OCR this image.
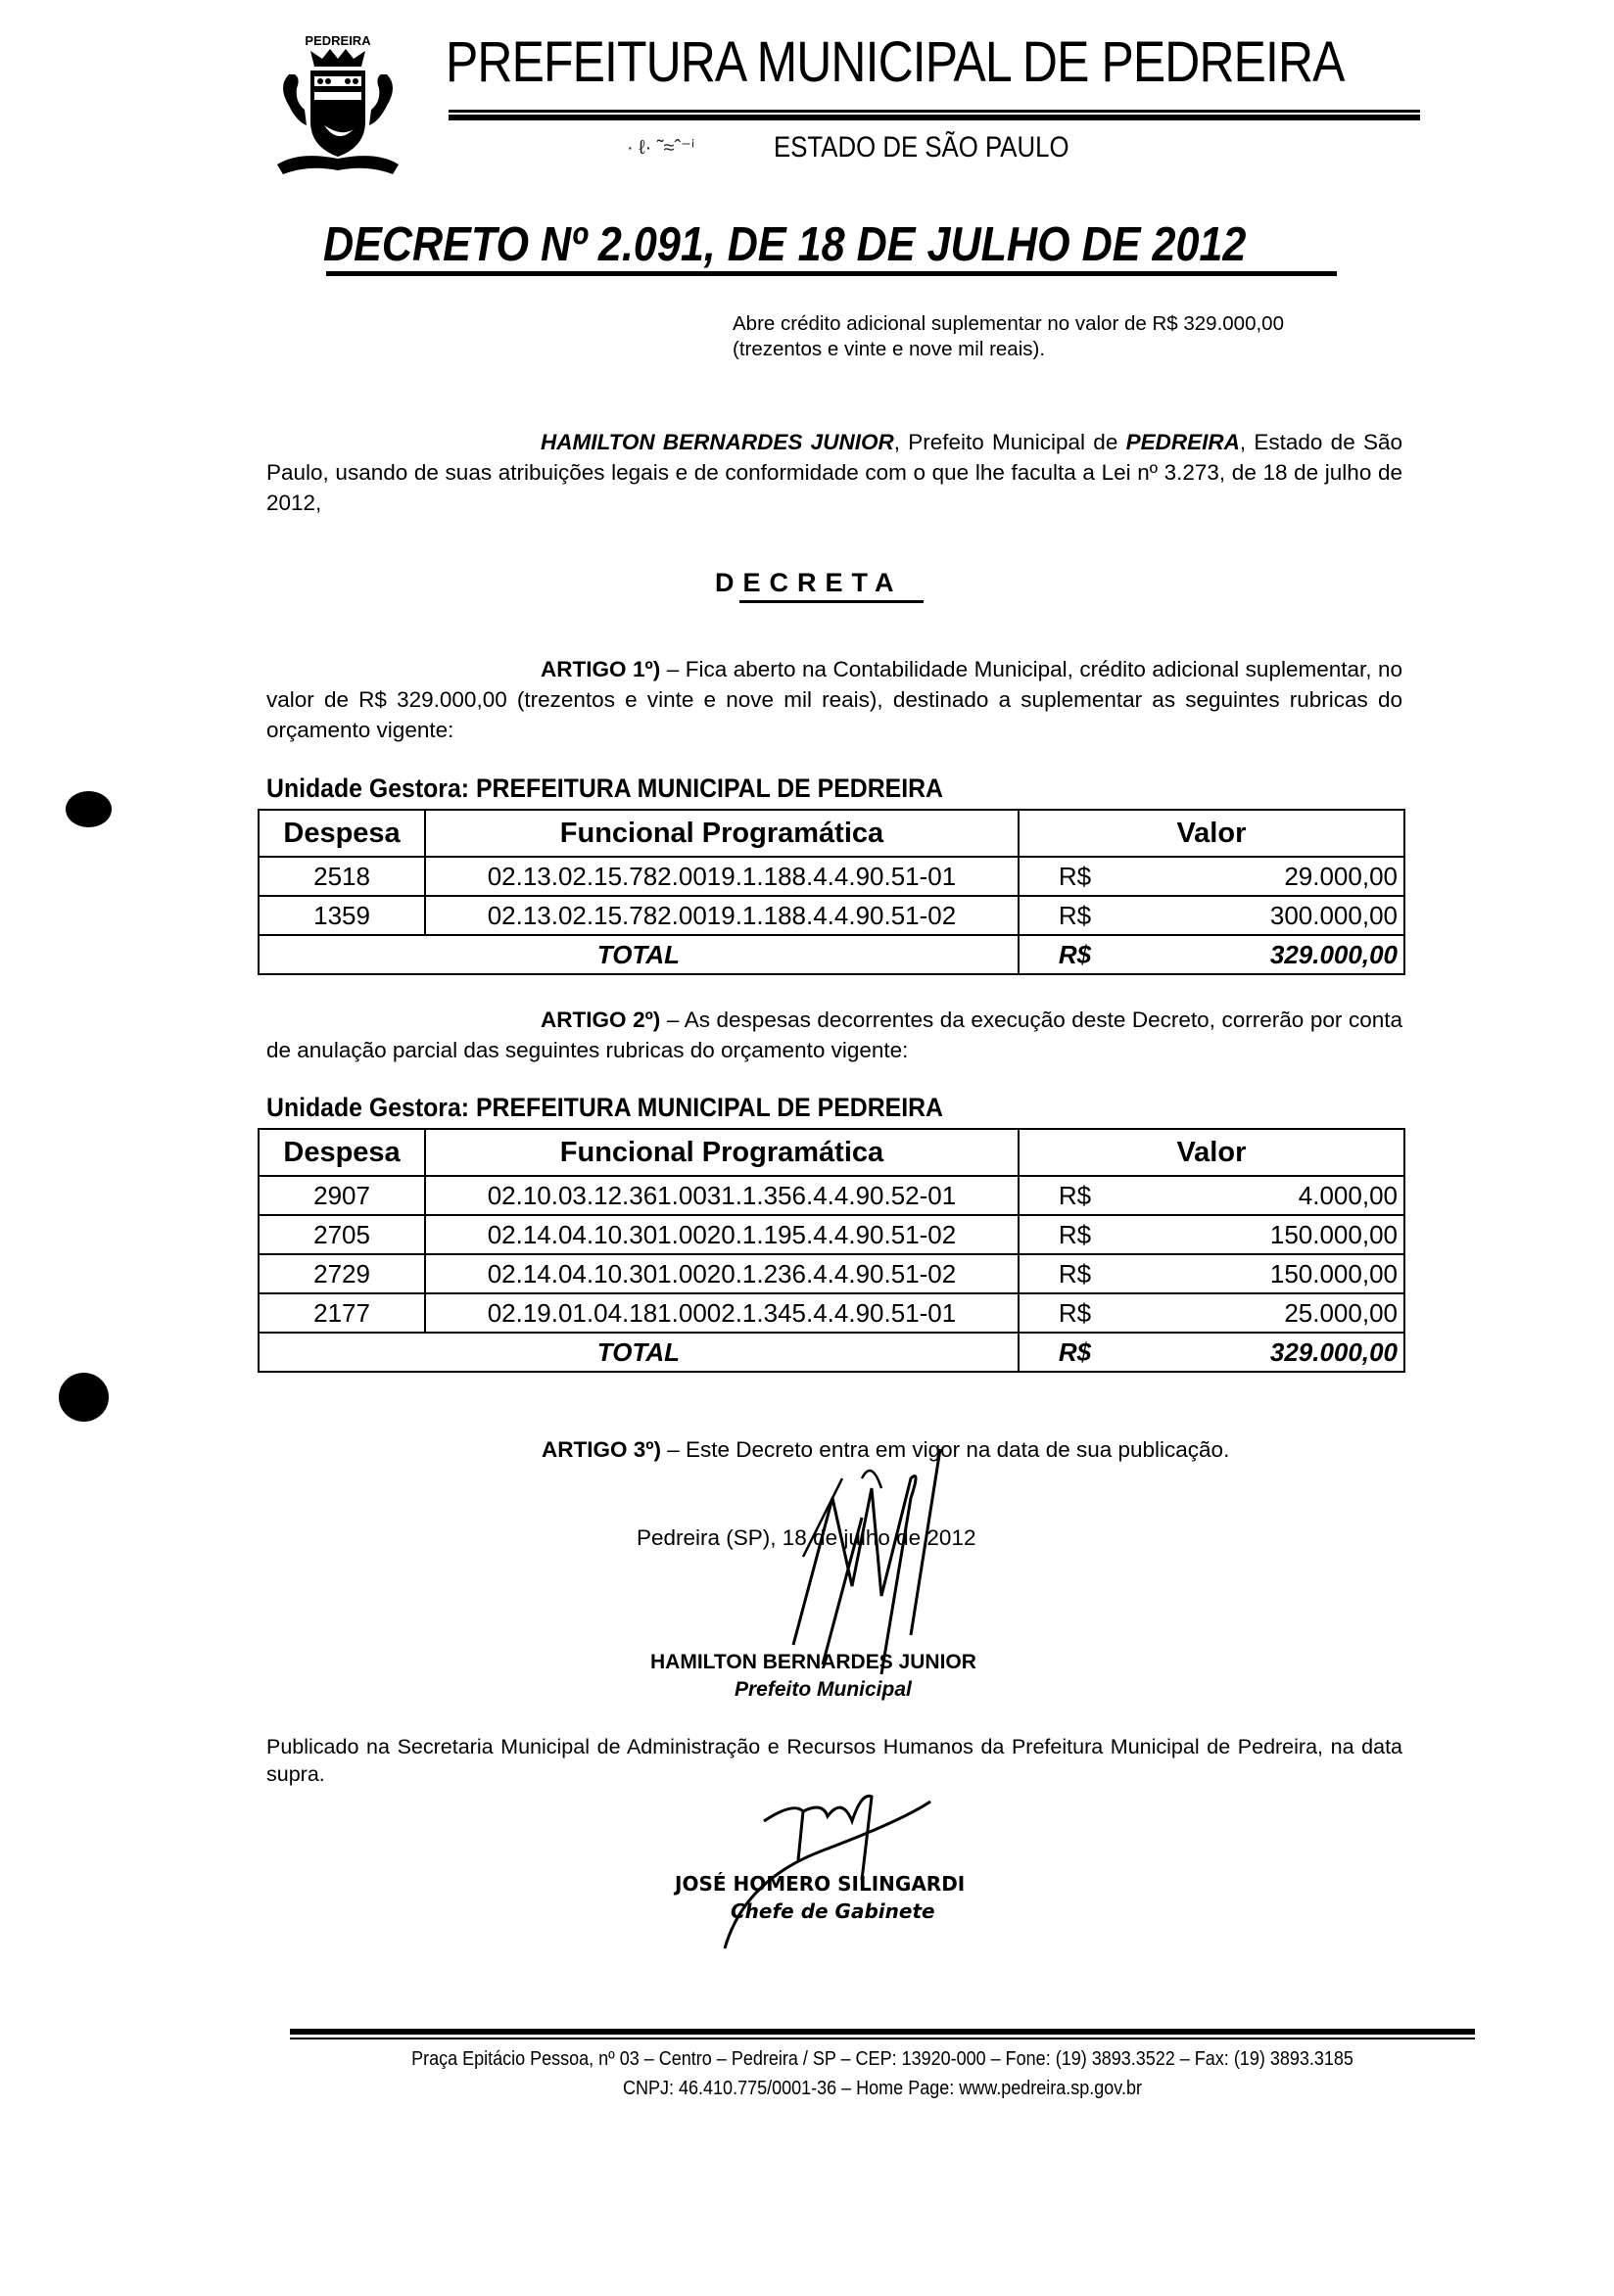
PEDREIRA PREFEITURA MUNICIPAL DE PEDREIRA
· ℓ· ˜≈ˆ⁻ⁱ	ESTADO DE SÃO PAULO
DECRETO Nº 2.091, DE 18 DE JULHO DE 2012
Abre crédito adicional suplementar no valor de R$ 329.000,00
(trezentos e vinte e nove mil reais).
HAMILTON BERNARDES JUNIOR, Prefeito Municipal de PEDREIRA, Estado de São Paulo, usando de suas atribuições legais e de conformidade com o que lhe faculta a Lei nº 3.273, de 18 de julho de 2012,
DECRETA
ARTIGO 1º) – Fica aberto na Contabilidade Municipal, crédito adicional suplementar, no valor de R$ 329.000,00 (trezentos e vinte e nove mil reais), destinado a suplementar as seguintes rubricas do orçamento vigente:
Unidade Gestora: PREFEITURA MUNICIPAL DE PEDREIRA
Despesa	Funcional Programática	Valor	
2518	02.13.02.15.782.0019.1.188.4.4.90.51-01	R$	29.000,00
1359	02.13.02.15.782.0019.1.188.4.4.90.51-02	R$	300.000,00
TOTAL		R$	329.000,00
ARTIGO 2º) – As despesas decorrentes da execução deste Decreto, correrão por conta de anulação parcial das seguintes rubricas do orçamento vigente:
Unidade Gestora: PREFEITURA MUNICIPAL DE PEDREIRA
Despesa	Funcional Programática	Valor	
2907	02.10.03.12.361.0031.1.356.4.4.90.52-01	R$	4.000,00
2705	02.14.04.10.301.0020.1.195.4.4.90.51-02	R$	150.000,00
2729	02.14.04.10.301.0020.1.236.4.4.90.51-02	R$	150.000,00
2177	02.19.01.04.181.0002.1.345.4.4.90.51-01	R$	25.000,00
TOTAL		R$	329.000,00
ARTIGO 3º) – Este Decreto entra em vigor na data de sua publicação.
Pedreira (SP), 18 de julho de 2012
HAMILTON BERNARDES JUNIOR
Prefeito Municipal
Publicado na Secretaria Municipal de Administração e Recursos Humanos da Prefeitura Municipal de Pedreira, na data supra.
JOSÉ HOMERO SILINGARDI
Chefe de Gabinete
Praça Epitácio Pessoa, nº 03 – Centro – Pedreira / SP – CEP: 13920-000 – Fone: (19) 3893.3522 – Fax: (19) 3893.3185
CNPJ: 46.410.775/0001-36 – Home Page: www.pedreira.sp.gov.br
